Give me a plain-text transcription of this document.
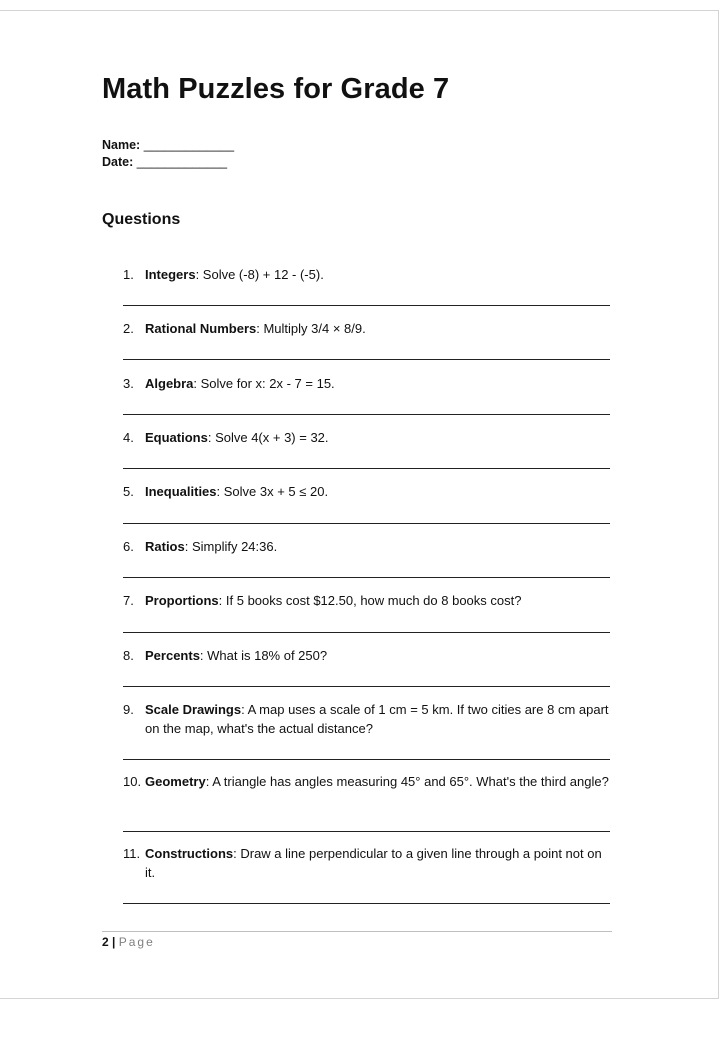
Math Puzzles for Grade 7
Name: _____________
Date: _____________
Questions
1. Integers: Solve (-8) + 12 - (-5).
2. Rational Numbers: Multiply 3/4 × 8/9.
3. Algebra: Solve for x: 2x - 7 = 15.
4. Equations: Solve 4(x + 3) = 32.
5. Inequalities: Solve 3x + 5 ≤ 20.
6. Ratios: Simplify 24:36.
7. Proportions: If 5 books cost $12.50, how much do 8 books cost?
8. Percents: What is 18% of 250?
9. Scale Drawings: A map uses a scale of 1 cm = 5 km. If two cities are 8 cm apart on the map, what's the actual distance?
10. Geometry: A triangle has angles measuring 45° and 65°. What's the third angle?
11. Constructions: Draw a line perpendicular to a given line through a point not on it.
2 | Page
